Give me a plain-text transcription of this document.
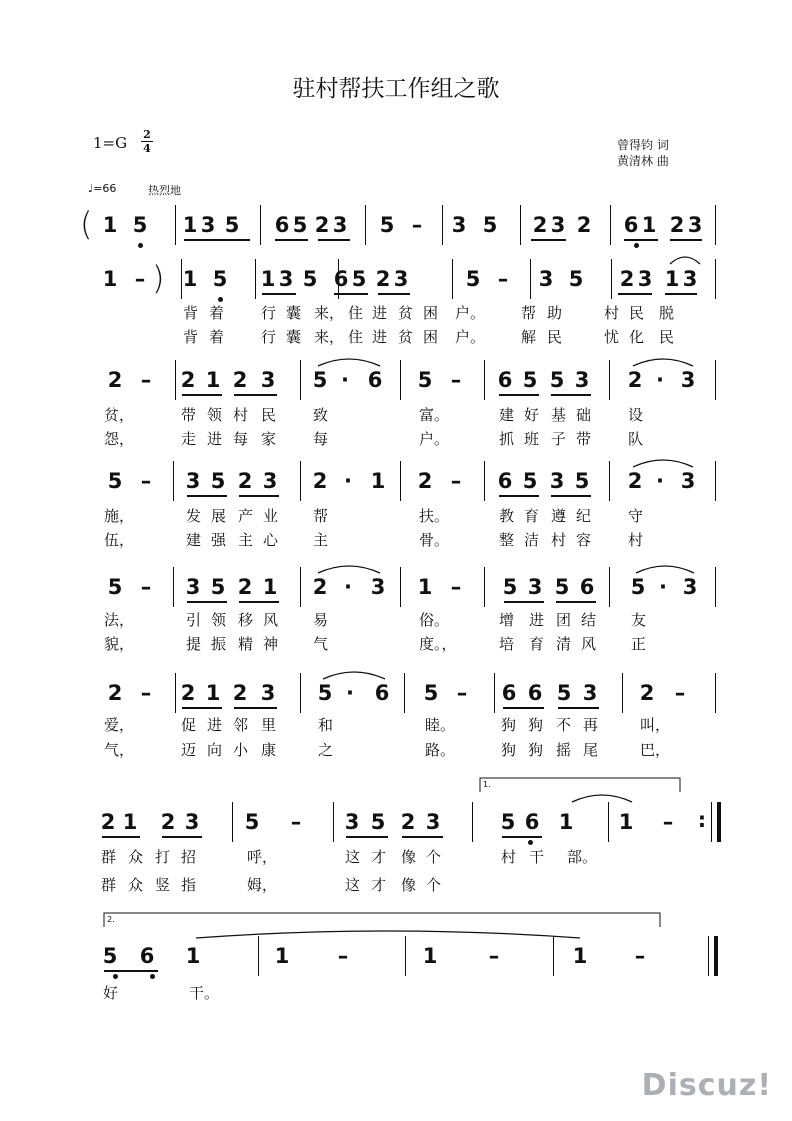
驻村帮扶工作组之歌
1=G 2
4	曾得钧 词
黄清林 曲
♩=66	热烈地
1 5 1 3 5 6 5 2 3 5 – 3 5 2 3 2 6 1 2 3
(
1 – 1 5 1 3 5 6 5 2 3	5 – 3 5 2 3 1 3
)
背 着	行 囊 来， 住 进 贫 困	户。 帮 助	村 民 脱
背 着	行 囊 来， 住 进 贫 困	户。 解 民	忧 化 民
2 – 2 1 2 3 5 · 6 5 – 6 5 5 3 2 · 3
贫，	带 领 村 民	致	富。	建 好 基 础	设
怨，	走 进 每 家	每	户。	抓 班 子 带	队
5 – 3 5 2 3 2 · 1 2 – 6 5 3 5 2 · 3
施，	发 展 产 业	帮	扶。	教 育 遵 纪	守
伍，	建 强 主 心	主	骨。	整 洁 村 容	村
5 – 3 5 2 1 2 · 3 1 – 5 3 5 6 5 · 3
法，	引 领 移 风	易	俗。	增 进 团 结	友
貌，	提 振 精 神	气	度。，	培 育 清 风	正
2 – 2 1 2 3 5 · 6 5 – 6 6 5 3 2 –
爱，	促 进 邻 里	和	睦。	狗 狗 不 再	叫，
气，	迈 向 小 康	之	路。	狗 狗 摇 尾	巴，
2 1 2 3 5 – 3 5 2 3	5 6 1 1 – :
群 众 打 招	呼，	这 才 像 个	村 干	部。
群 众 竖 指	姆，	这 才 像 个
1.
5 6 1	1 –	1 –	1 –
好	干。
2.
Discuz!
